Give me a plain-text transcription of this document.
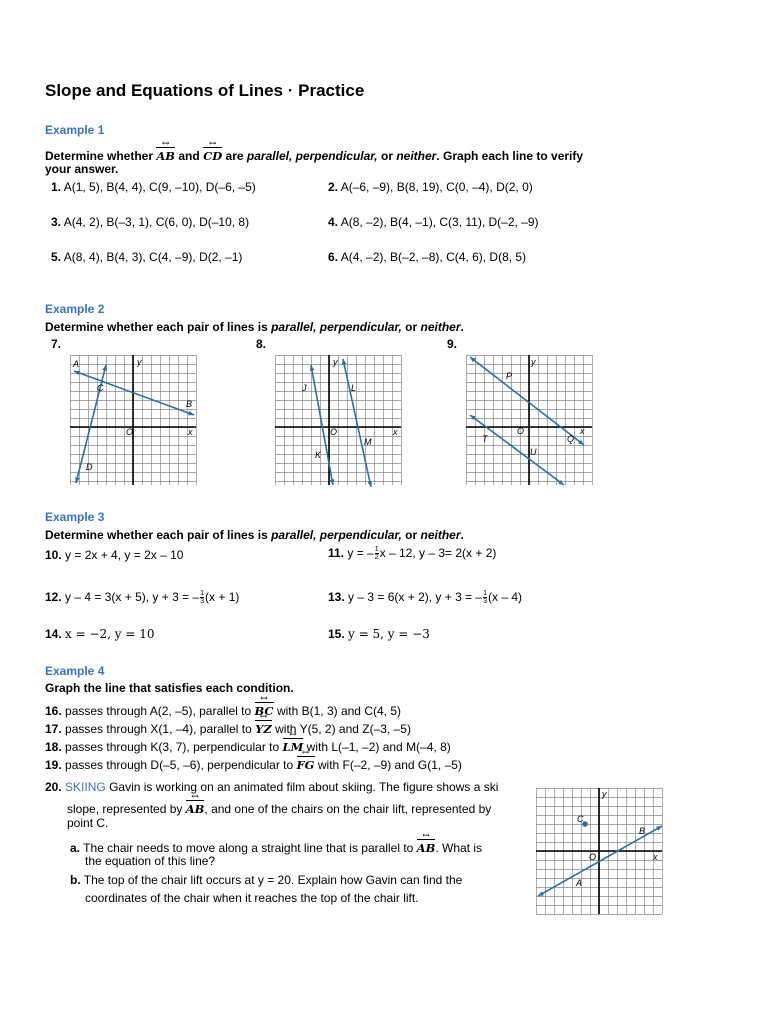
Slope and Equations of Lines · Practice
Example 1
Determine whether AB ↔ and CD ↔ are parallel, perpendicular, or neither. Graph each line to verify
your answer.
1. A(1, 5), B(4, 4), C(9, –10), D(–6, –5)	2. A(–6, –9), B(8, 19), C(0, –4), D(2, 0)
3. A(4, 2), B(–3, 1), C(6, 0), D(–10, 8)	4. A(8, –2), B(4, –1), C(3, 11), D(–2, –9)
5. A(8, 4), B(4, 3), C(4, –9), D(2, –1)	6. A(4, –2), B(–2, –8), C(4, 6), D(8, 5)
Example 2
Determine whether each pair of lines is parallel, perpendicular, or neither.
7.	8.	9.
A
B
C
D
O	x
y
J
K
L
M
O	x
y
P
Q
T
U
O	x
y
Example 3
Determine whether each pair of lines is parallel, perpendicular, or neither.
10. y = 2x + 4, y = 2x – 10	11. y = – $\frac{1}{2}$ x – 12, y – 3= 2(x + 2)
12. y – 4 = 3(x + 5), y + 3 = – $\frac{1}{3} (x + 1)$	13. y – 3 = 6(x + 2), y + 3 = – $\frac{1}{3} (x - 4)$
14. x = −2, y = 10	15. y = 5, y = −3
Example 4
Graph the line that satisfies each condition.
16. passes through A(2, –5), parallel to BC ↔ with B(1, 3) and C(4, 5)
17. passes through X(1, –4), parallel to YZ ↔ with Y(5, 2) and Z(–3, –5)
18. passes through K(3, 7), perpendicular to LM ↔ with L(–1, –2) and M(–4, 8)
19. passes through D(–5, –6), perpendicular to FG ↔ with F(–2, –9) and G(1, –5)
20. SKIING Gavin is working on an animated film about skiing. The figure shows a ski
slope, represented by AB ↔, and one of the chairs on the chair lift, represented by
point C.
a. The chair needs to move along a straight line that is parallel to AB ↔. What is
the equation of this line?
b. The top of the chair lift occurs at y = 20. Explain how Gavin can find the
coordinates of the chair when it reaches the top of the chair lift.
C
A
B
O	x
y
